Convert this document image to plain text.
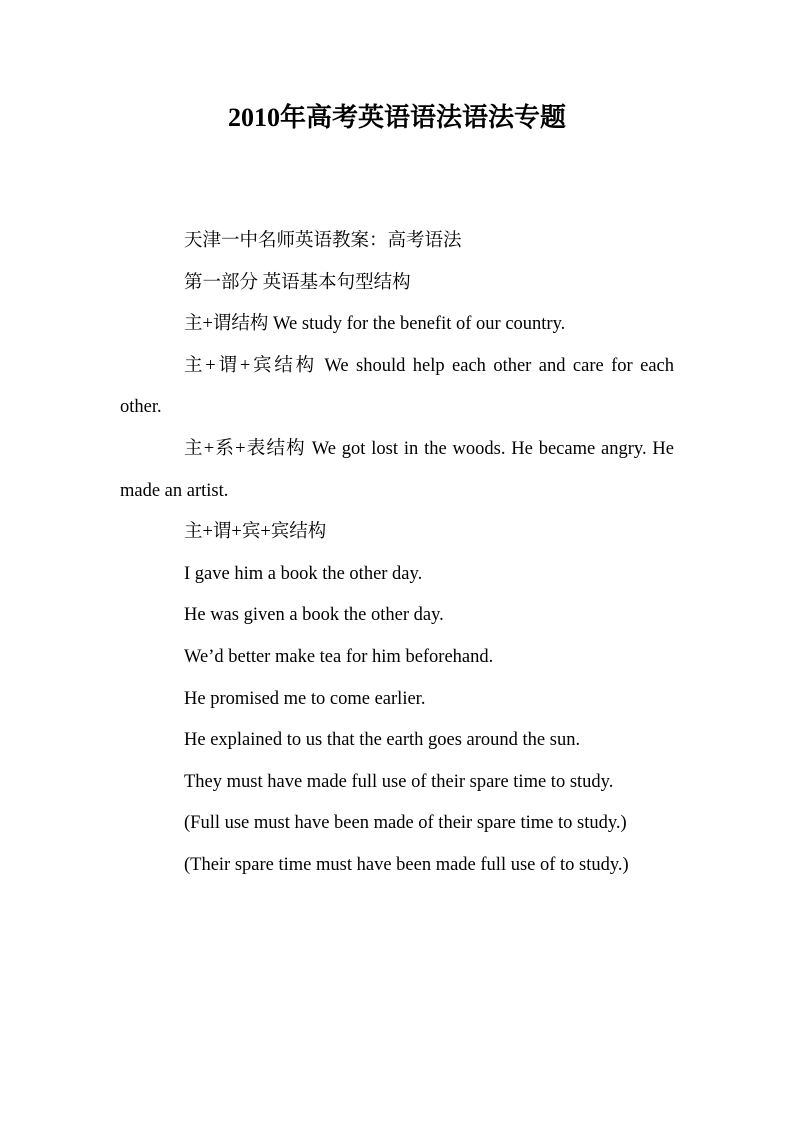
2010年高考英语语法语法专题

天津一中名师英语教案：高考语法

第一部分 英语基本句型结构

主+谓结构 We study for the benefit of our country.

主+谓+宾结构 We should help each other and care for each other.

主+系+表结构 We got lost in the woods. He became angry. He made an artist.

主+谓+宾+宾结构

I gave him a book the other day.

He was given a book the other day.

We’d better make tea for him beforehand.

He promised me to come earlier.

He explained to us that the earth goes around the sun.

They must have made full use of their spare time to study.

(Full use must have been made of their spare time to study.)

(Their spare time must have been made full use of to study.)
